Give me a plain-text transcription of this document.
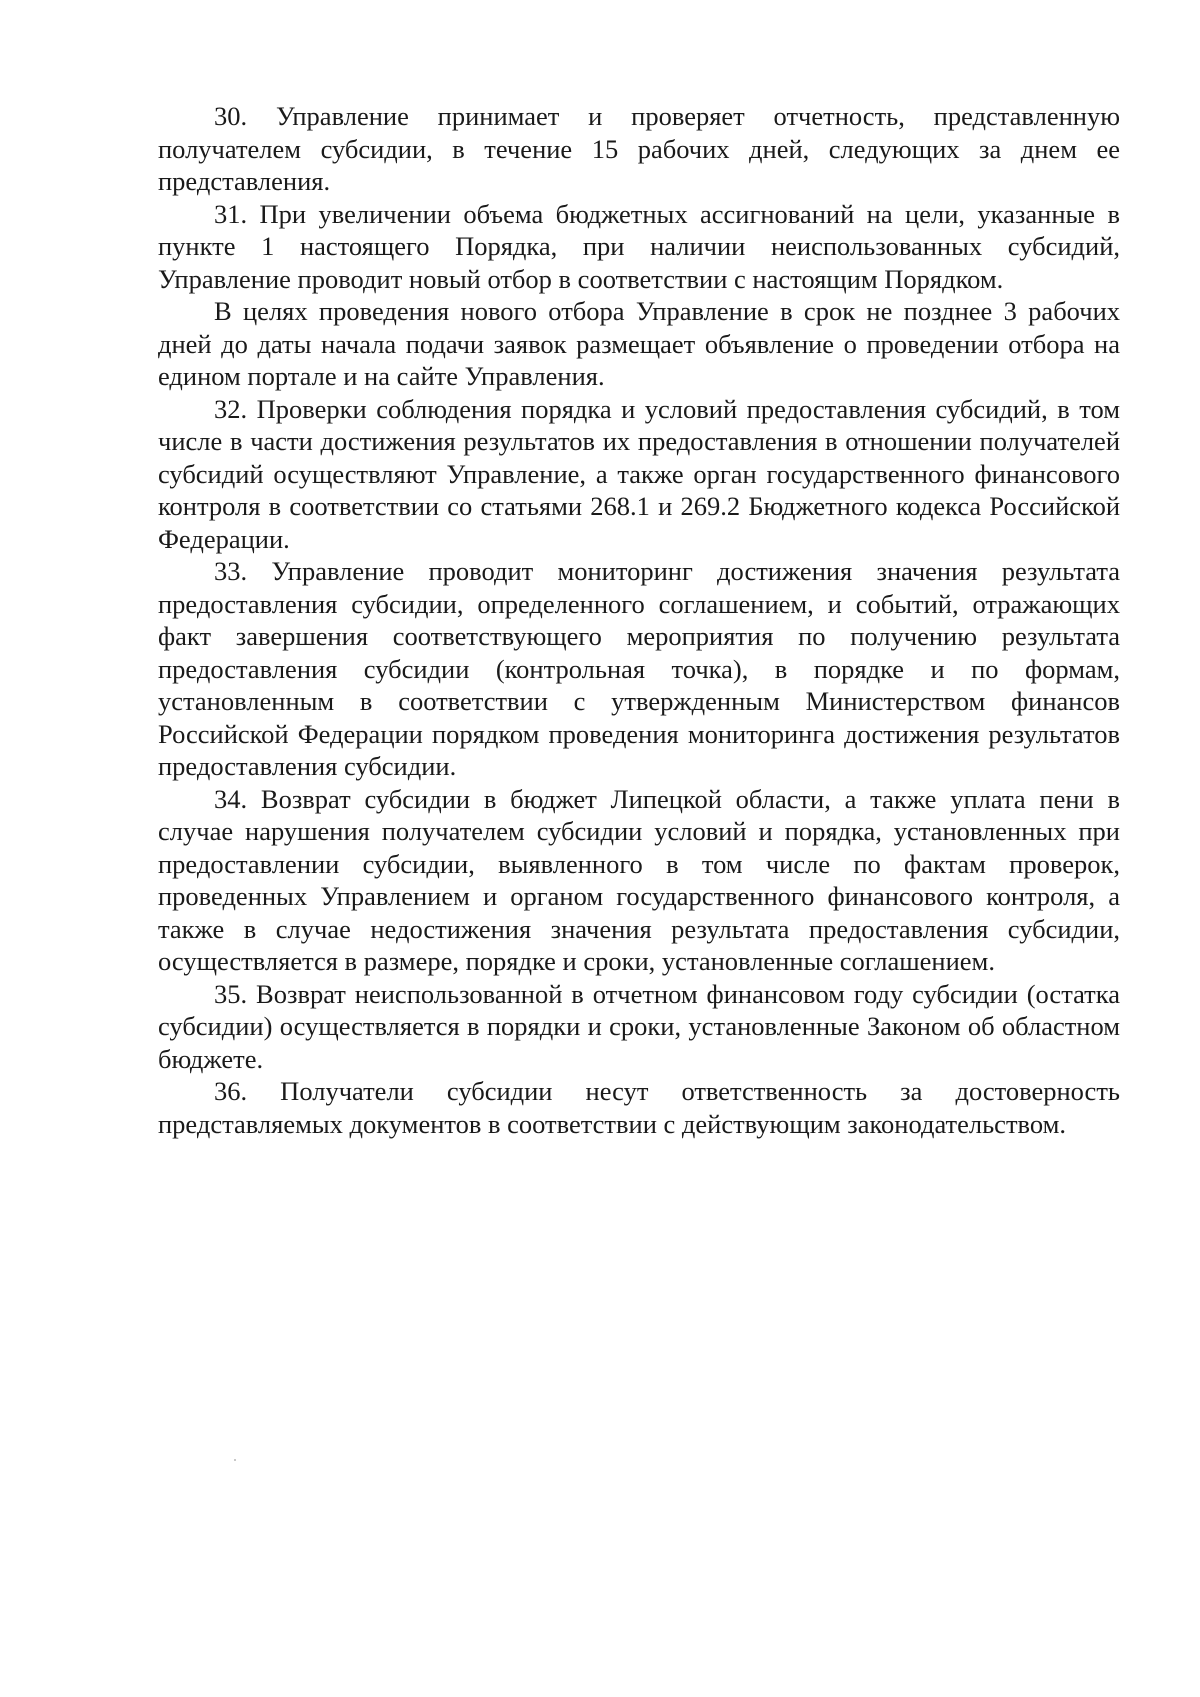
30. Управление принимает и проверяет отчетность, представленную получателем субсидии, в течение 15 рабочих дней, следующих за днем ее представления.

31. При увеличении объема бюджетных ассигнований на цели, указанные в пункте 1 настоящего Порядка, при наличии неиспользованных субсидий, Управление проводит новый отбор в соответствии с настоящим Порядком.

В целях проведения нового отбора Управление в срок не позднее 3 рабочих дней до даты начала подачи заявок размещает объявление о проведении отбора на едином портале и на сайте Управления.

32. Проверки соблюдения порядка и условий предоставления субсидий, в том числе в части достижения результатов их предоставления в отношении получателей субсидий осуществляют Управление, а также орган государственного финансового контроля в соответствии со статьями 268.1 и 269.2 Бюджетного кодекса Российской Федерации.

33. Управление проводит мониторинг достижения значения результата предоставления субсидии, определенного соглашением, и событий, отражающих факт завершения соответствующего мероприятия по получению результата предоставления субсидии (контрольная точка), в порядке и по формам, установленным в соответствии с утвержденным Министерством финансов Российской Федерации порядком проведения мониторинга достижения результатов предоставления субсидии.

34. Возврат субсидии в бюджет Липецкой области, а также уплата пени в случае нарушения получателем субсидии условий и порядка, установленных при предоставлении субсидии, выявленного в том числе по фактам проверок, проведенных Управлением и органом государственного финансового контроля, а также в случае недостижения значения результата предоставления субсидии, осуществляется в размере, порядке и сроки, установленные соглашением.

35. Возврат неиспользованной в отчетном финансовом году субсидии (остатка субсидии) осуществляется в порядки и сроки, установленные Законом об областном бюджете.

36. Получатели субсидии несут ответственность за достоверность представляемых документов в соответствии с действующим законодательством.
